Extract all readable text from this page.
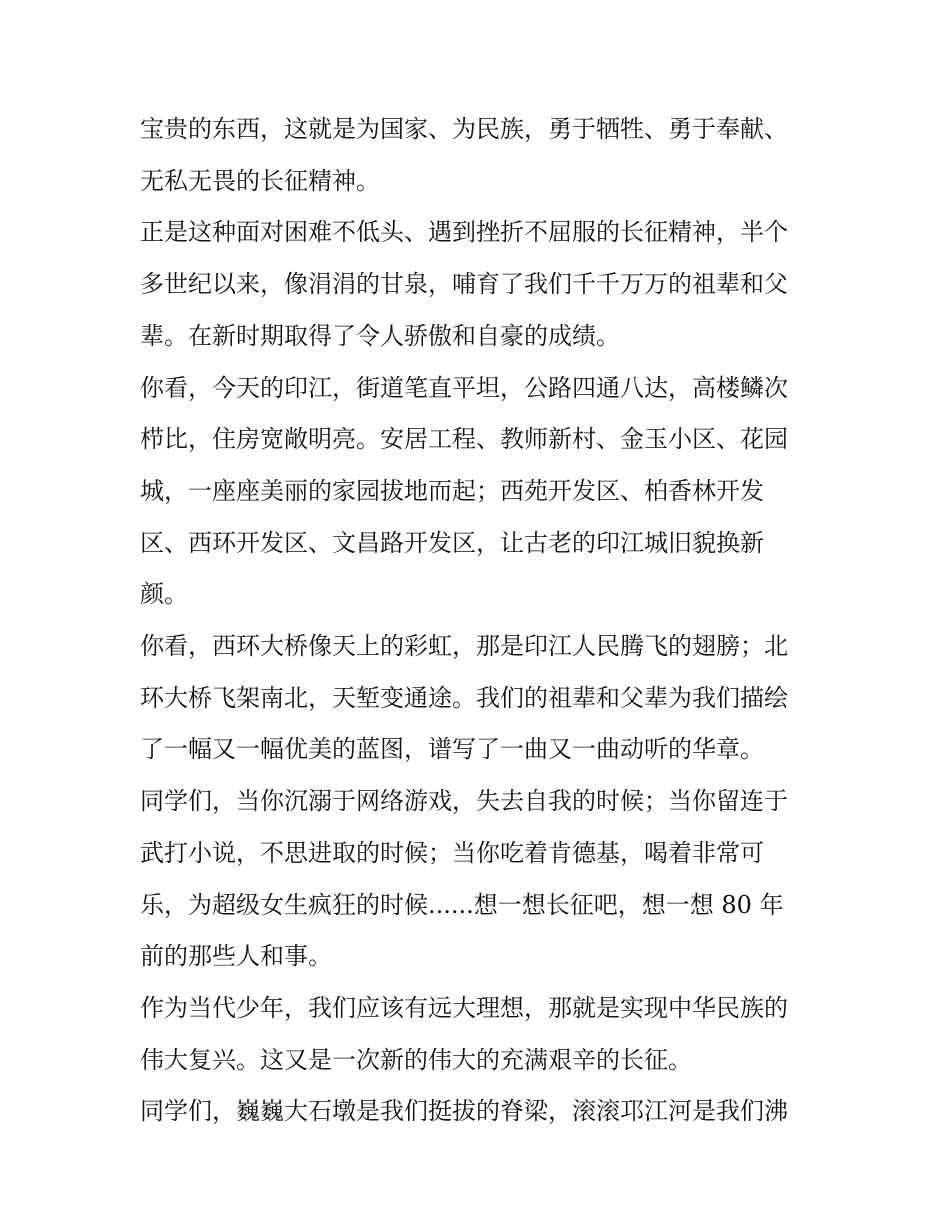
宝贵的东西，这就是为国家、为民族，勇于牺牲、勇于奉献、
无私无畏的长征精神。

正是这种面对困难不低头、遇到挫折不屈服的长征精神，半个
多世纪以来，像涓涓的甘泉，哺育了我们千千万万的祖辈和父
辈。在新时期取得了令人骄傲和自豪的成绩。

你看，今天的印江，街道笔直平坦，公路四通八达，高楼鳞次
栉比，住房宽敞明亮。安居工程、教师新村、金玉小区、花园
城，一座座美丽的家园拔地而起；西苑开发区、柏香林开发
区、西环开发区、文昌路开发区，让古老的印江城旧貌换新
颜。

你看，西环大桥像天上的彩虹，那是印江人民腾飞的翅膀；北
环大桥飞架南北，天堑变通途。我们的祖辈和父辈为我们描绘
了一幅又一幅优美的蓝图，谱写了一曲又一曲动听的华章。

同学们，当你沉溺于网络游戏，失去自我的时候；当你留连于
武打小说，不思进取的时候；当你吃着肯德基，喝着非常可
乐，为超级女生疯狂的时候......想一想长征吧，想一想 80 年
前的那些人和事。

作为当代少年，我们应该有远大理想，那就是实现中华民族的
伟大复兴。这又是一次新的伟大的充满艰辛的长征。

同学们，巍巍大石墩是我们挺拔的脊梁，滚滚邛江河是我们沸
